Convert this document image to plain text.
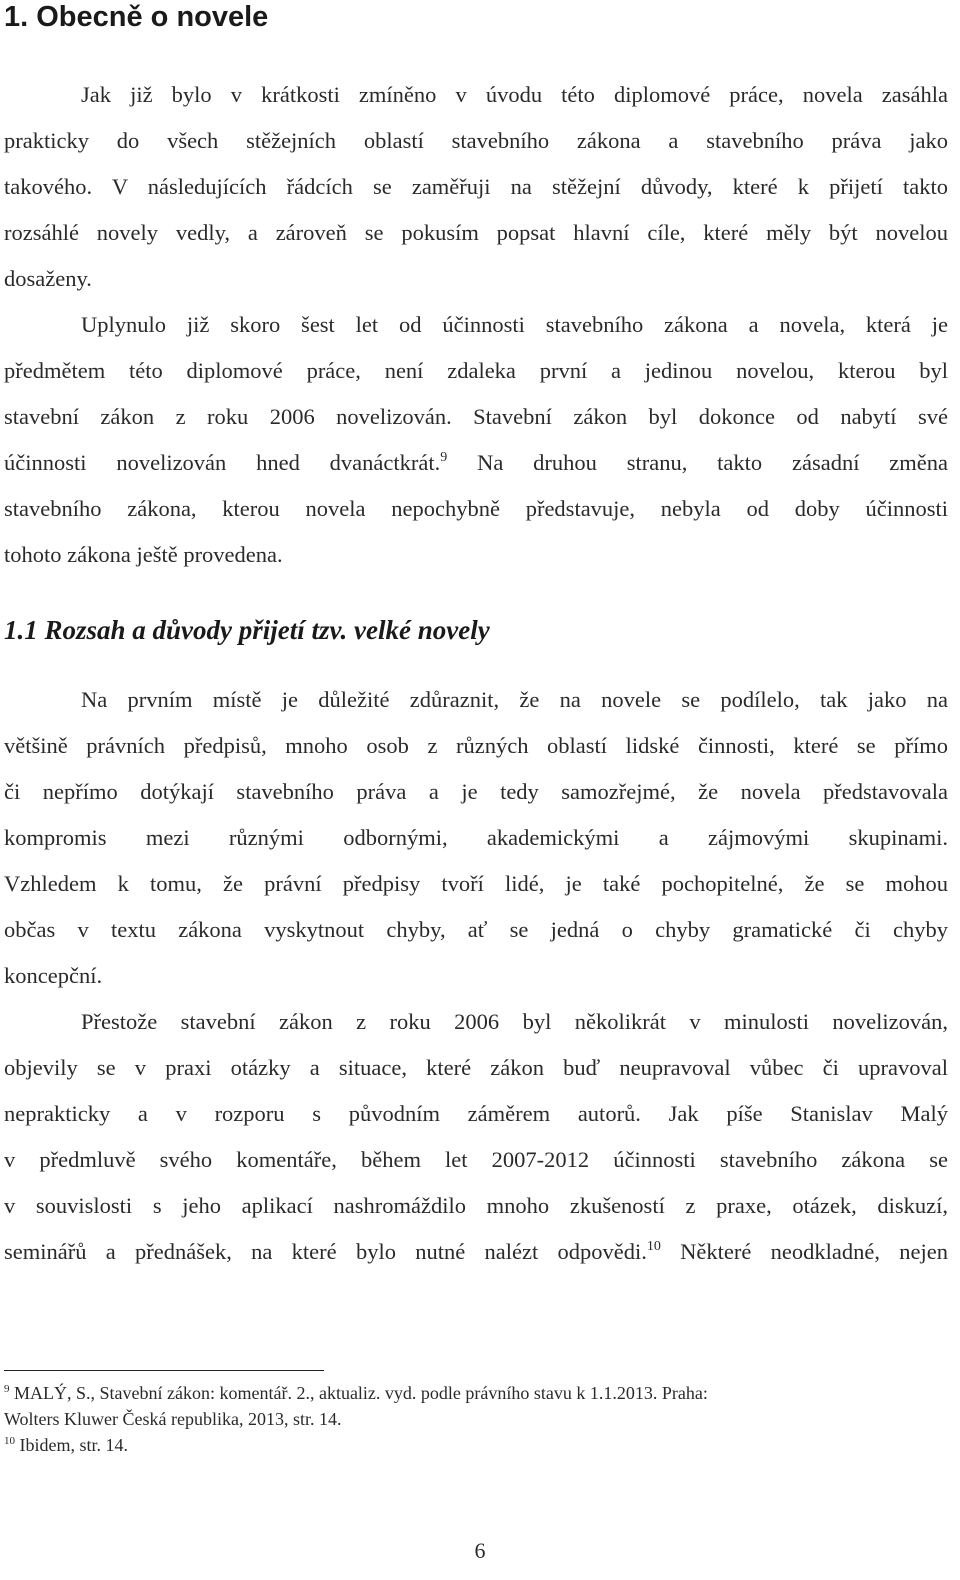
1. Obecně o novele
Jak již bylo v krátkosti zmíněno v úvodu této diplomové práce, novela zasáhla
prakticky do všech stěžejních oblastí stavebního zákona a stavebního práva jako
takového. V následujících řádcích se zaměřuji na stěžejní důvody, které k přijetí takto
rozsáhlé novely vedly, a zároveň se pokusím popsat hlavní cíle, které měly být novelou
dosaženy.
Uplynulo již skoro šest let od účinnosti stavebního zákona a novela, která je
předmětem této diplomové práce, není zdaleka první a jedinou novelou, kterou byl
stavební zákon z roku 2006 novelizován. Stavební zákon byl dokonce od nabytí své
účinnosti novelizován hned dvanáctkrát.$^9$ Na druhou stranu, takto zásadní změna
stavebního zákona, kterou novela nepochybně představuje, nebyla od doby účinnosti
tohoto zákona ještě provedena.
1.1 Rozsah a důvody přijetí tzv. velké novely
Na prvním místě je důležité zdůraznit, že na novele se podílelo, tak jako na
většině právních předpisů, mnoho osob z různých oblastí lidské činnosti, které se přímo
či nepřímo dotýkají stavebního práva a je tedy samozřejmé, že novela představovala
kompromis mezi různými odbornými, akademickými a zájmovými skupinami.
Vzhledem k tomu, že právní předpisy tvoří lidé, je také pochopitelné, že se mohou
občas v textu zákona vyskytnout chyby, ať se jedná o chyby gramatické či chyby
koncepční.
Přestože stavební zákon z roku 2006 byl několikrát v minulosti novelizován,
objevily se v praxi otázky a situace, které zákon buď neupravoval vůbec či upravoval
neprakticky a v rozporu s původním záměrem autorů. Jak píše Stanislav Malý
v předmluvě svého komentáře, během let 2007-2012 účinnosti stavebního zákona se
v souvislosti s jeho aplikací nashromáždilo mnoho zkušeností z praxe, otázek, diskuzí,
seminářů a přednášek, na které bylo nutné nalézt odpovědi.$^{10}$ Některé neodkladné, nejen
$^9$ MALÝ, S., Stavební zákon: komentář. 2., aktualiz. vyd. podle právního stavu k 1.1.2013. Praha:
Wolters Kluwer Česká republika, 2013, str. 14.
$^{10}$ Ibidem, str. 14.
6
